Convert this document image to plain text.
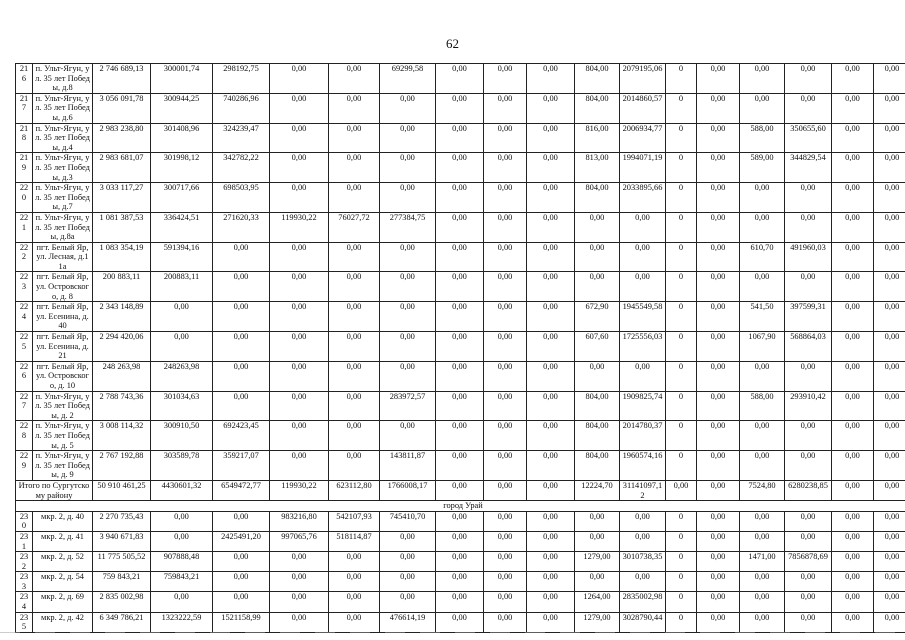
62
216	п. Ульт-Ягун, ул. 35 лет Победы, д.8	2 746 689,13	300001,74	298192,75	0,00	0,00	69299,58	0,00	0,00	0,00	804,00	2079195,06	0	0,00	0,00	0,00	0,00	0,00
217	п. Ульт-Ягун, ул. 35 лет Победы, д.6	3 056 091,78	300944,25	740286,96	0,00	0,00	0,00	0,00	0,00	0,00	804,00	2014860,57	0	0,00	0,00	0,00	0,00	0,00
218	п. Ульт-Ягун, ул. 35 лет Победы, д.4	2 983 238,80	301408,96	324239,47	0,00	0,00	0,00	0,00	0,00	0,00	816,00	2006934,77	0	0,00	588,00	350655,60	0,00	0,00
219	п. Ульт-Ягун, ул. 35 лет Победы, д.3	2 983 681,07	301998,12	342782,22	0,00	0,00	0,00	0,00	0,00	0,00	813,00	1994071,19	0	0,00	589,00	344829,54	0,00	0,00
220	п. Ульт-Ягун, ул. 35 лет Победы, д.7	3 033 117,27	300717,66	698503,95	0,00	0,00	0,00	0,00	0,00	0,00	804,00	2033895,66	0	0,00	0,00	0,00	0,00	0,00
221	п. Ульт-Ягун, ул. 35 лет Победы, д.8а	1 081 387,53	336424,51	271620,33	119930,22	76027,72	277384,75	0,00	0,00	0,00	0,00	0,00	0	0,00	0,00	0,00	0,00	0,00
222	пгт. Белый Яр, ул. Лесная, д.11а	1 083 354,19	591394,16	0,00	0,00	0,00	0,00	0,00	0,00	0,00	0,00	0,00	0	0,00	610,70	491960,03	0,00	0,00
223	пгт. Белый Яр, ул. Островского, д. 8	200 883,11	200883,11	0,00	0,00	0,00	0,00	0,00	0,00	0,00	0,00	0,00	0	0,00	0,00	0,00	0,00	0,00
224	пгт. Белый Яр, ул. Есенина, д. 40	2 343 148,89	0,00	0,00	0,00	0,00	0,00	0,00	0,00	0,00	672,90	1945549,58	0	0,00	541,50	397599,31	0,00	0,00
225	пгт. Белый Яр, ул. Есенина, д.21	2 294 420,06	0,00	0,00	0,00	0,00	0,00	0,00	0,00	0,00	607,60	1725556,03	0	0,00	1067,90	568864,03	0,00	0,00
226	пгт. Белый Яр, ул. Островского, д. 10	248 263,98	248263,98	0,00	0,00	0,00	0,00	0,00	0,00	0,00	0,00	0,00	0	0,00	0,00	0,00	0,00	0,00
227	п. Ульт-Ягун, ул. 35 лет Победы, д. 2	2 788 743,36	301034,63	0,00	0,00	0,00	283972,57	0,00	0,00	0,00	804,00	1909825,74	0	0,00	588,00	293910,42	0,00	0,00
228	п. Ульт-Ягун, ул. 35 лет Победы, д. 5	3 008 114,32	300910,50	692423,45	0,00	0,00	0,00	0,00	0,00	0,00	804,00	2014780,37	0	0,00	0,00	0,00	0,00	0,00
229	п. Ульт-Ягун, ул. 35 лет Победы, д. 9	2 767 192,88	303589,78	359217,07	0,00	0,00	143811,87	0,00	0,00	0,00	804,00	1960574,16	0	0,00	0,00	0,00	0,00	0,00
Итого по Сургутскому району		50 910 461,25	4430601,32	6549472,77	119930,22	623112,80	1766008,17	0,00	0,00	0,00	12224,70	31141097,12	0,00	0,00	7524,80	6280238,85	0,00	0,00
город Урай																		
230	мкр. 2, д. 40	2 270 735,43	0,00	0,00	983216,80	542107,93	745410,70	0,00	0,00	0,00	0,00	0,00	0	0,00	0,00	0,00	0,00	0,00
231	мкр. 2, д. 41	3 940 671,83	0,00	2425491,20	997065,76	518114,87	0,00	0,00	0,00	0,00	0,00	0,00	0	0,00	0,00	0,00	0,00	0,00
232	мкр. 2, д. 52	11 775 505,52	907888,48	0,00	0,00	0,00	0,00	0,00	0,00	0,00	1279,00	3010738,35	0	0,00	1471,00	7856878,69	0,00	0,00
233	мкр. 2, д. 54	759 843,21	759843,21	0,00	0,00	0,00	0,00	0,00	0,00	0,00	0,00	0,00	0	0,00	0,00	0,00	0,00	0,00
234	мкр. 2, д. 69	2 835 002,98	0,00	0,00	0,00	0,00	0,00	0,00	0,00	0,00	1264,00	2835002,98	0	0,00	0,00	0,00	0,00	0,00
235	мкр. 2, д. 42	6 349 786,21	1323222,59	1521158,99	0,00	0,00	476614,19	0,00	0,00	0,00	1279,00	3028790,44	0	0,00	0,00	0,00	0,00	0,00
